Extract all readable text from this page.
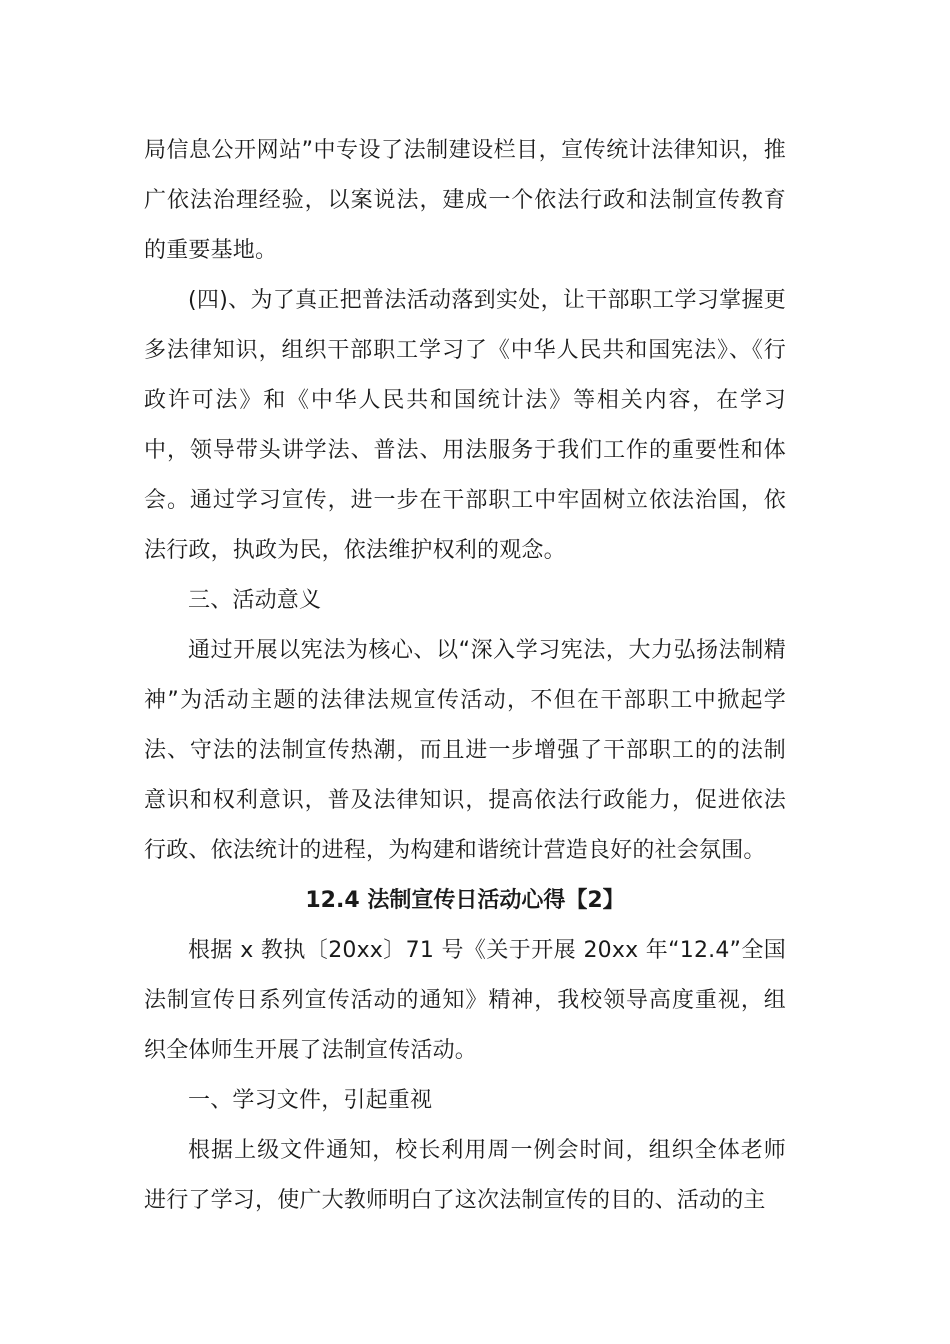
局信息公开网站”中专设了法制建设栏目，宣传统计法律知识，推广依法治理经验，以案说法，建成一个依法行政和法制宣传教育的重要基地。

(四)、为了真正把普法活动落到实处，让干部职工学习掌握更多法律知识，组织干部职工学习了《中华人民共和国宪法》、《行政许可法》和《中华人民共和国统计法》等相关内容，在学习中，领导带头讲学法、普法、用法服务于我们工作的重要性和体会。通过学习宣传，进一步在干部职工中牢固树立依法治国，依法行政，执政为民，依法维护权利的观念。

三、活动意义

通过开展以宪法为核心、以“深入学习宪法，大力弘扬法制精神”为活动主题的法律法规宣传活动，不但在干部职工中掀起学法、守法的法制宣传热潮，而且进一步增强了干部职工的的法制意识和权利意识，普及法律知识，提高依法行政能力，促进依法行政、依法统计的进程，为构建和谐统计营造良好的社会氛围。

12.4 法制宣传日活动心得【2】

根据 x 教执〔20xx〕71 号《关于开展 20xx 年“12.4”全国法制宣传日系列宣传活动的通知》精神，我校领导高度重视，组织全体师生开展了法制宣传活动。

一、学习文件，引起重视

根据上级文件通知，校长利用周一例会时间，组织全体老师进行了学习，使广大教师明白了这次法制宣传的目的、活动的主
